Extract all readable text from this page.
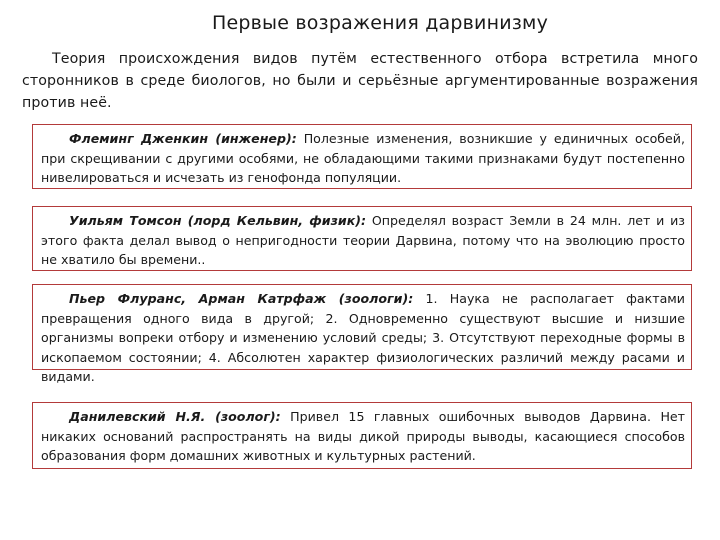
Первые возражения дарвинизму
Теория происхождения видов путём естественного отбора встретила много сторонников в среде биологов, но были и серьёзные аргументированные возражения против неё.

Флеминг Дженкин (инженер): Полезные изменения, возникшие у единичных особей, при скрещивании с другими особями, не обладающими такими признаками будут постепенно нивелироваться и исчезать из генофонда популяции.

Уильям Томсон (лорд Кельвин, физик): Определял возраст Земли в 24 млн. лет и из этого факта делал вывод о непригодности теории Дарвина, потому что на эволюцию просто не хватило бы времени..

Пьер Флуранс, Арман Катрфаж (зоологи): 1. Наука не располагает фактами превращения одного вида в другой; 2. Одновременно существуют высшие и низшие организмы вопреки отбору и изменению условий среды; 3. Отсутствуют переходные формы в ископаемом состоянии; 4. Абсолютен характер физиологических различий между расами и видами.

Данилевский Н.Я. (зоолог): Привел 15 главных ошибочных выводов Дарвина. Нет никаких оснований распространять на виды дикой природы выводы, касающиеся способов образования форм домашних животных и культурных растений.
